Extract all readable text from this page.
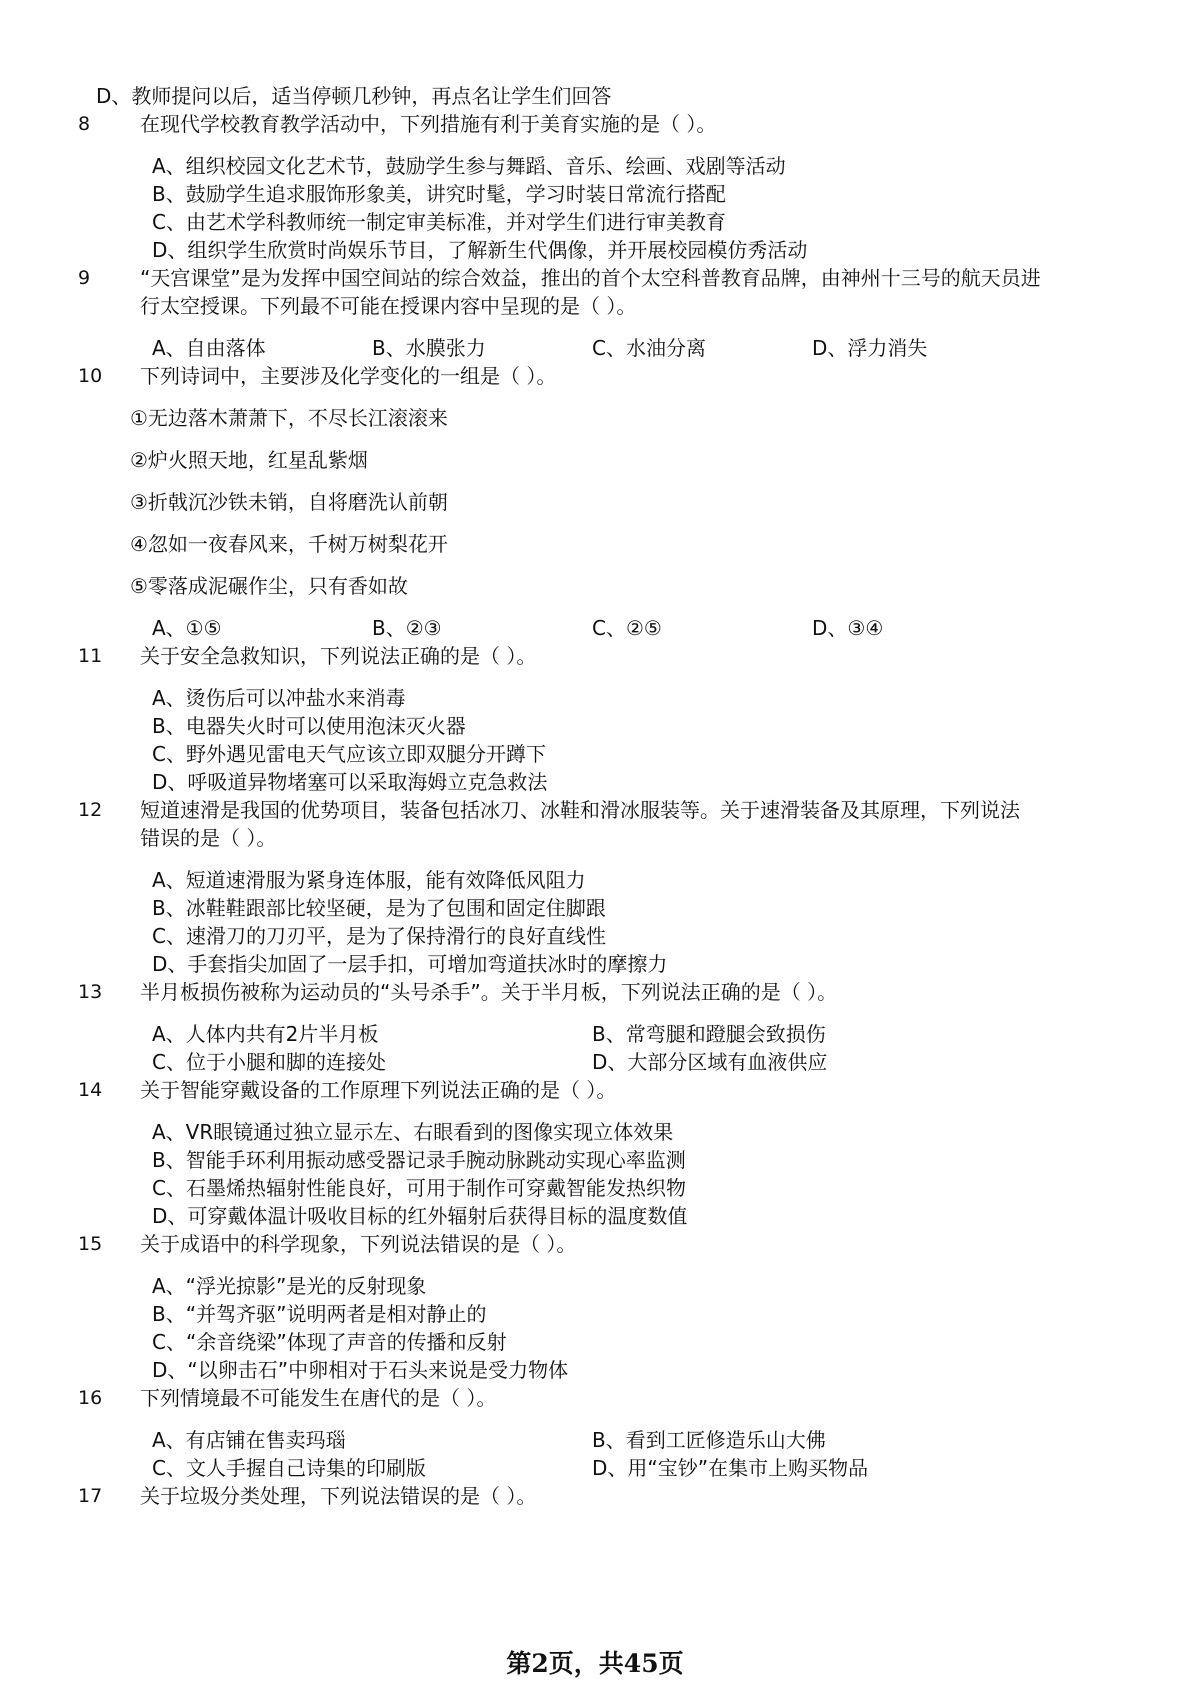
D、教师提问以后，适当停顿几秒钟，再点名让学生们回答
8 在现代学校教育教学活动中，下列措施有利于美育实施的是（ ）。
A、组织校园文化艺术节，鼓励学生参与舞蹈、音乐、绘画、戏剧等活动
B、鼓励学生追求服饰形象美，讲究时髦，学习时装日常流行搭配
C、由艺术学科教师统一制定审美标准，并对学生们进行审美教育
D、组织学生欣赏时尚娱乐节目，了解新生代偶像，并开展校园模仿秀活动
9 “天宫课堂”是为发挥中国空间站的综合效益，推出的首个太空科普教育品牌，由神州十三号的航天员进
行太空授课。下列最不可能在授课内容中呈现的是（ ）。
A、自由落体	B、水膜张力	C、水油分离	D、浮力消失
10 下列诗词中，主要涉及化学变化的一组是（ ）。
①无边落木萧萧下，不尽长江滚滚来
②炉火照天地，红星乱紫烟
③折戟沉沙铁未销，自将磨洗认前朝
④忽如一夜春风来，千树万树梨花开
⑤零落成泥碾作尘，只有香如故
A、①⑤	B、②③	C、②⑤	D、③④
11 关于安全急救知识，下列说法正确的是（ ）。
A、烫伤后可以冲盐水来消毒
B、电器失火时可以使用泡沫灭火器
C、野外遇见雷电天气应该立即双腿分开蹲下
D、呼吸道异物堵塞可以采取海姆立克急救法
12 短道速滑是我国的优势项目，装备包括冰刀、冰鞋和滑冰服装等。关于速滑装备及其原理，下列说法
错误的是（ ）。
A、短道速滑服为紧身连体服，能有效降低风阻力
B、冰鞋鞋跟部比较坚硬，是为了包围和固定住脚跟
C、速滑刀的刀刃平，是为了保持滑行的良好直线性
D、手套指尖加固了一层手扣，可增加弯道扶冰时的摩擦力
13 半月板损伤被称为运动员的“头号杀手”。关于半月板，下列说法正确的是（ ）。
A、人体内共有2片半月板	B、常弯腿和蹬腿会致损伤
C、位于小腿和脚的连接处	D、大部分区域有血液供应
14 关于智能穿戴设备的工作原理下列说法正确的是（ ）。
A、VR眼镜通过独立显示左、右眼看到的图像实现立体效果
B、智能手环利用振动感受器记录手腕动脉跳动实现心率监测
C、石墨烯热辐射性能良好，可用于制作可穿戴智能发热织物
D、可穿戴体温计吸收目标的红外辐射后获得目标的温度数值
15 关于成语中的科学现象，下列说法错误的是（ ）。
A、“浮光掠影”是光的反射现象
B、“并驾齐驱”说明两者是相对静止的
C、“余音绕梁”体现了声音的传播和反射
D、“以卵击石”中卵相对于石头来说是受力物体
16 下列情境最不可能发生在唐代的是（ ）。
A、有店铺在售卖玛瑙	B、看到工匠修造乐山大佛
C、文人手握自己诗集的印刷版	D、用“宝钞”在集市上购买物品
17 关于垃圾分类处理，下列说法错误的是（ ）。
第2页，共45页
